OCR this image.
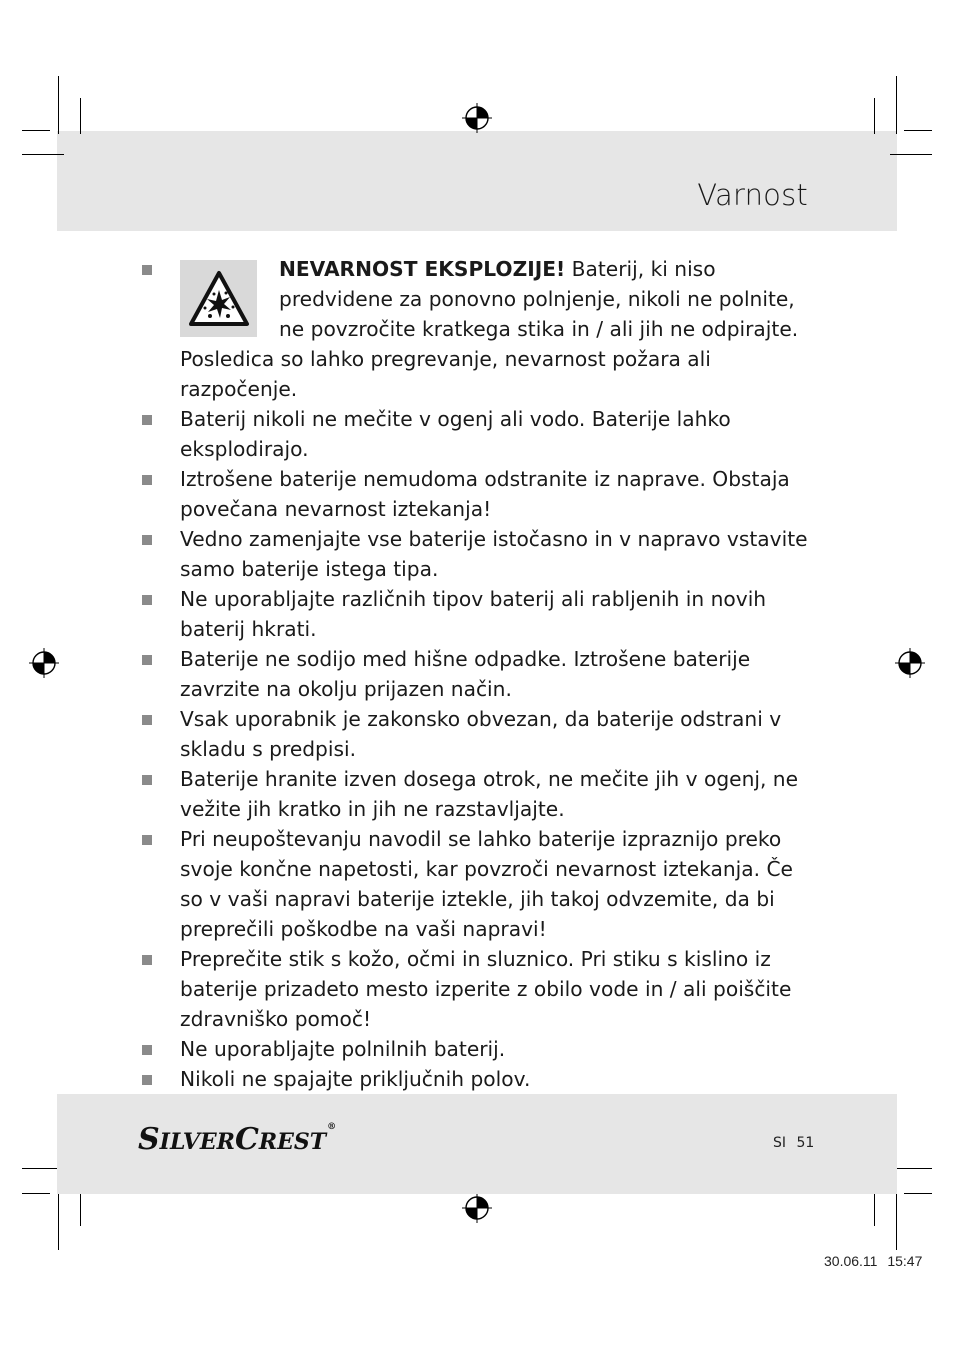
Varnost
NEVARNOST EKSPLOZIJE! Baterij, ki niso predvidene za ponovno polnjenje, nikoli ne polnite, ne povzročite kratkega stika in / ali jih ne odpirajte. Posledica so lahko pregrevanje, nevarnost požara ali razpočenje.
Baterij nikoli ne mečite v ogenj ali vodo. Baterije lahko eksplodirajo.
Iztrošene baterije nemudoma odstranite iz naprave. Obstaja povečana nevarnost iztekanja!
Vedno zamenjajte vse baterije istočasno in v napravo vstavite samo baterije istega tipa.
Ne uporabljajte različnih tipov baterij ali rabljenih in novih baterij hkrati.
Baterije ne sodijo med hišne odpadke. Iztrošene baterije zavrzite na okolju prijazen način.
Vsak uporabnik je zakonsko obvezan, da baterije odstrani v skladu s predpisi.
Baterije hranite izven dosega otrok, ne mečite jih v ogenj, ne vežite jih kratko in jih ne razstavljajte.
Pri neupoštevanju navodil se lahko baterije izpraznijo preko svoje končne napetosti, kar povzroči nevarnost iztekanja. Če so v vaši napravi baterije iztekle, jih takoj odvzemite, da bi preprečili poškodbe na vaši napravi!
Preprečite stik s kožo, očmi in sluznico. Pri stiku s kislino iz baterije prizadeto mesto izperite z obilo vode in / ali poiščite zdravniško pomoč!
Ne uporabljajte polnilnih baterij.
Nikoli ne spajajte priključnih polov.
SILVERCREST®
SI 51
30.06.11 15:47
